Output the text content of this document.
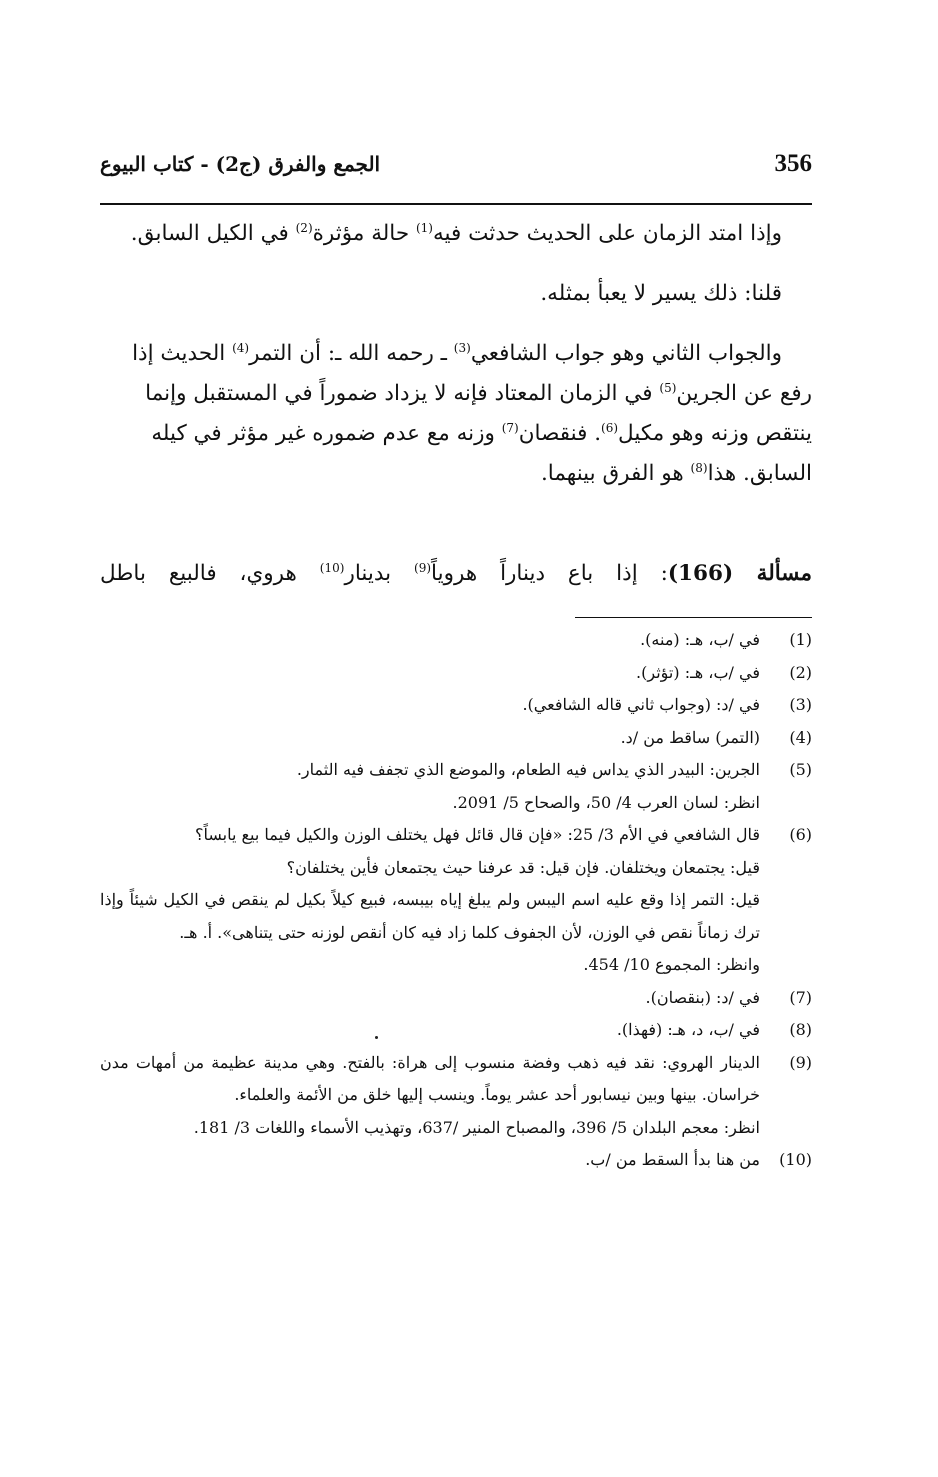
356
الجمع والفرق (ج2) - كتاب البيوع

وإذا امتد الزمان على الحديث حدثت فيه$^{(1)}$ حالة مؤثرة$^{(2)}$ في الكيل السابق.

قلنا: ذلك يسير لا يعبأ بمثله.

والجواب الثاني وهو جواب الشافعي$^{(3)}$ ـ رحمه الله ـ: أن التمر$^{(4)}$ الحديث إذا رفع عن الجرين$^{(5)}$ في الزمان المعتاد فإنه لا يزداد ضموراً في المستقبل وإنما ينتقص وزنه وهو مكيل$^{(6)}$. فنقصان$^{(7)}$ وزنه مع عدم ضموره غير مؤثر في كيله السابق. هذا$^{(8)}$ هو الفرق بينهما.

مسألة (166): إذا باع ديناراً هروياً$^{(9)}$ بدينار$^{(10)}$ هروي، فالبيع باطل
(1)
في /ب، هـ: (منه).
(2)
في /ب، هـ: (تؤثر).
(3)
في /د: (وجواب ثاني قاله الشافعي).
(4)
(التمر) ساقط من /د.
(5)
الجرين: البيدر الذي يداس فيه الطعام، والموضع الذي تجفف فيه الثمار.
انظر: لسان العرب 4/ 50، والصحاح 5/ 2091.
(6)
قال الشافعي في الأم 3/ 25: «فإن قال قائل فهل يختلف الوزن والكيل فيما بيع يابساً؟
قيل: يجتمعان ويختلفان. فإن قيل: قد عرفنا حيث يجتمعان فأين يختلفان؟
قيل: التمر إذا وقع عليه اسم اليبس ولم يبلغ إياه بيبسه، فبيع كيلاً بكيل لم ينقص في الكيل شيئاً وإذا ترك زماناً نقص في الوزن، لأن الجفوف كلما زاد فيه كان أنقص لوزنه حتى يتناهى». أ. هـ.
وانظر: المجموع 10/ 454.
(7)
في /د: (بنقصان).
(8)
في /ب، د، هـ: (فهذا).
(9)
الدينار الهروي: نقد فيه ذهب وفضة منسوب إلى هراة: بالفتح. وهي مدينة عظيمة من أمهات مدن خراسان. بينها وبين نيسابور أحد عشر يوماً. وينسب إليها خلق من الأئمة والعلماء.
انظر: معجم البلدان 5/ 396، والمصباح المنير /637، وتهذيب الأسماء واللغات 3/ 181.
(10)
من هنا بدأ السقط من /ب.
